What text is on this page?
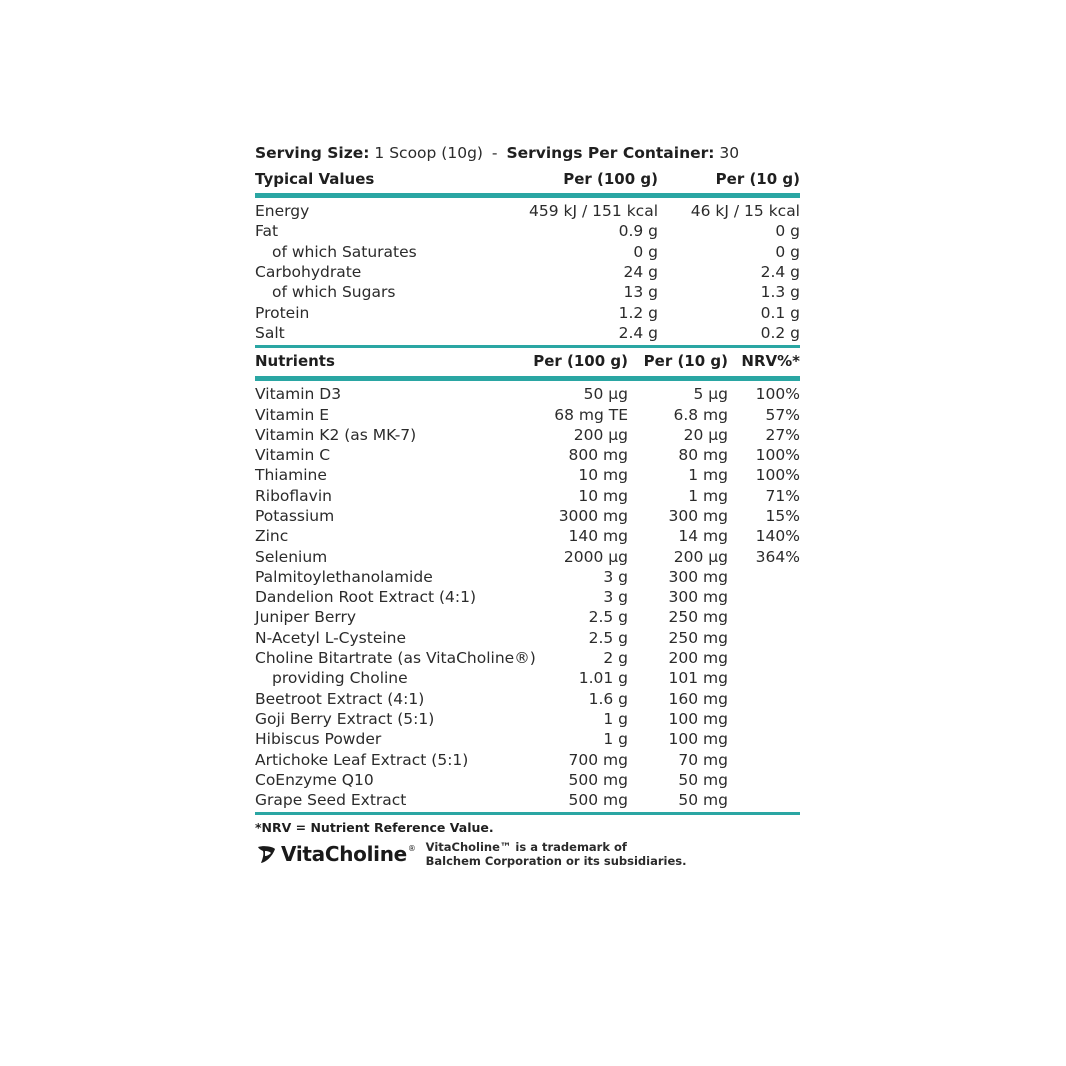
Serving Size: 1 Scoop (10g) - Servings Per Container: 30
Typical Values	Per (100 g)	Per (10 g)
Energy	459 kJ / 151 kcal 46 kJ / 15 kcal
Fat	0.9 g	0 g
of which Saturates	0 g	0 g
Carbohydrate	24 g	2.4 g
of which Sugars	13 g	1.3 g
Protein	1.2 g	0.1 g
Salt	2.4 g	0.2 g
Nutrients	Per (100 g) Per (10 g) NRV%*
Vitamin D3	50 µg	5 µg 100%
Vitamin E	68 mg TE	6.8 mg 57%
Vitamin K2 (as MK-7)	200 µg	20 µg 27%
Vitamin C	800 mg	80 mg 100%
Thiamine	10 mg	1 mg 100%
Riboflavin	10 mg	1 mg 71%
Potassium	3000 mg	300 mg 15%
Zinc	140 mg	14 mg 140%
Selenium	2000 µg	200 µg 364%
Palmitoylethanolamide	3 g	300 mg
Dandelion Root Extract (4:1)	3 g	300 mg
Juniper Berry	2.5 g	250 mg
N-Acetyl L-Cysteine	2.5 g	250 mg
Choline Bitartrate (as VitaCholine®)	2 g	200 mg
providing Choline	1.01 g	101 mg
Beetroot Extract (4:1)	1.6 g	160 mg
Goji Berry Extract (5:1)	1 g	100 mg
Hibiscus Powder	1 g	100 mg
Artichoke Leaf Extract (5:1)	700 mg	70 mg
CoEnzyme Q10	500 mg	50 mg
Grape Seed Extract	500 mg	50 mg
*NRV = Nutrient Reference Value.
VitaCholine® VitaCholine™ is a trademark of
Balchem Corporation or its subsidiaries.
